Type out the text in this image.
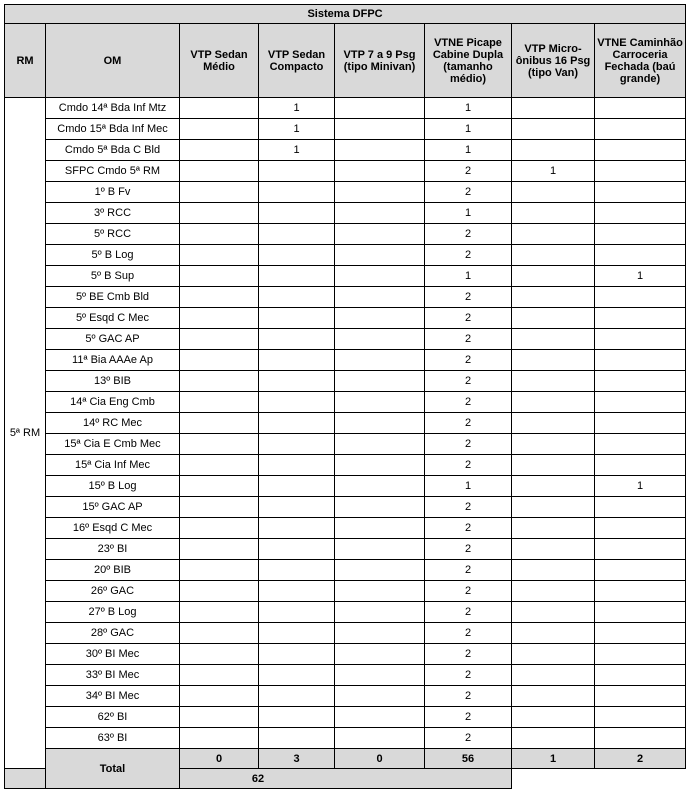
Sistema DFPC							
RM	OM	VTP Sedan Médio	VTP Sedan Compacto	VTP 7 a 9 Psg (tipo Minivan)	VTNE Picape Cabine Dupla (tamanho médio)	VTP Micro-ônibus 16 Psg (tipo Van)	VTNE Caminhão Carroceria Fechada (baú grande)
5ª RM	Cmdo 14ª Bda Inf Mtz		1		1		
	Cmdo 15ª Bda Inf Mec		1		1		
	Cmdo 5ª Bda C Bld		1		1		
	SFPC Cmdo 5ª RM				2	1	
	1º B Fv				2		
	3º RCC				1		
	5º RCC				2		
	5º B Log				2		
	5º B Sup				1		1
	5º BE Cmb Bld				2		
	5º Esqd C Mec				2		
	5º GAC AP				2		
	11ª Bia AAAe Ap				2		
	13º BIB				2		
	14ª Cia Eng Cmb				2		
	14º RC Mec				2		
	15ª Cia E Cmb Mec				2		
	15ª Cia Inf Mec				2		
	15º B Log				1		1
	15º GAC AP				2		
	16º Esqd C Mec				2		
	23º BI				2		
	20º BIB				2		
	26º GAC				2		
	27º B Log				2		
	28º GAC				2		
	30º BI Mec				2		
	33º BI Mec				2		
	34º BI Mec				2		
	62º BI				2		
	63º BI				2		
	Total	0	3	0	56	1	2
62							
